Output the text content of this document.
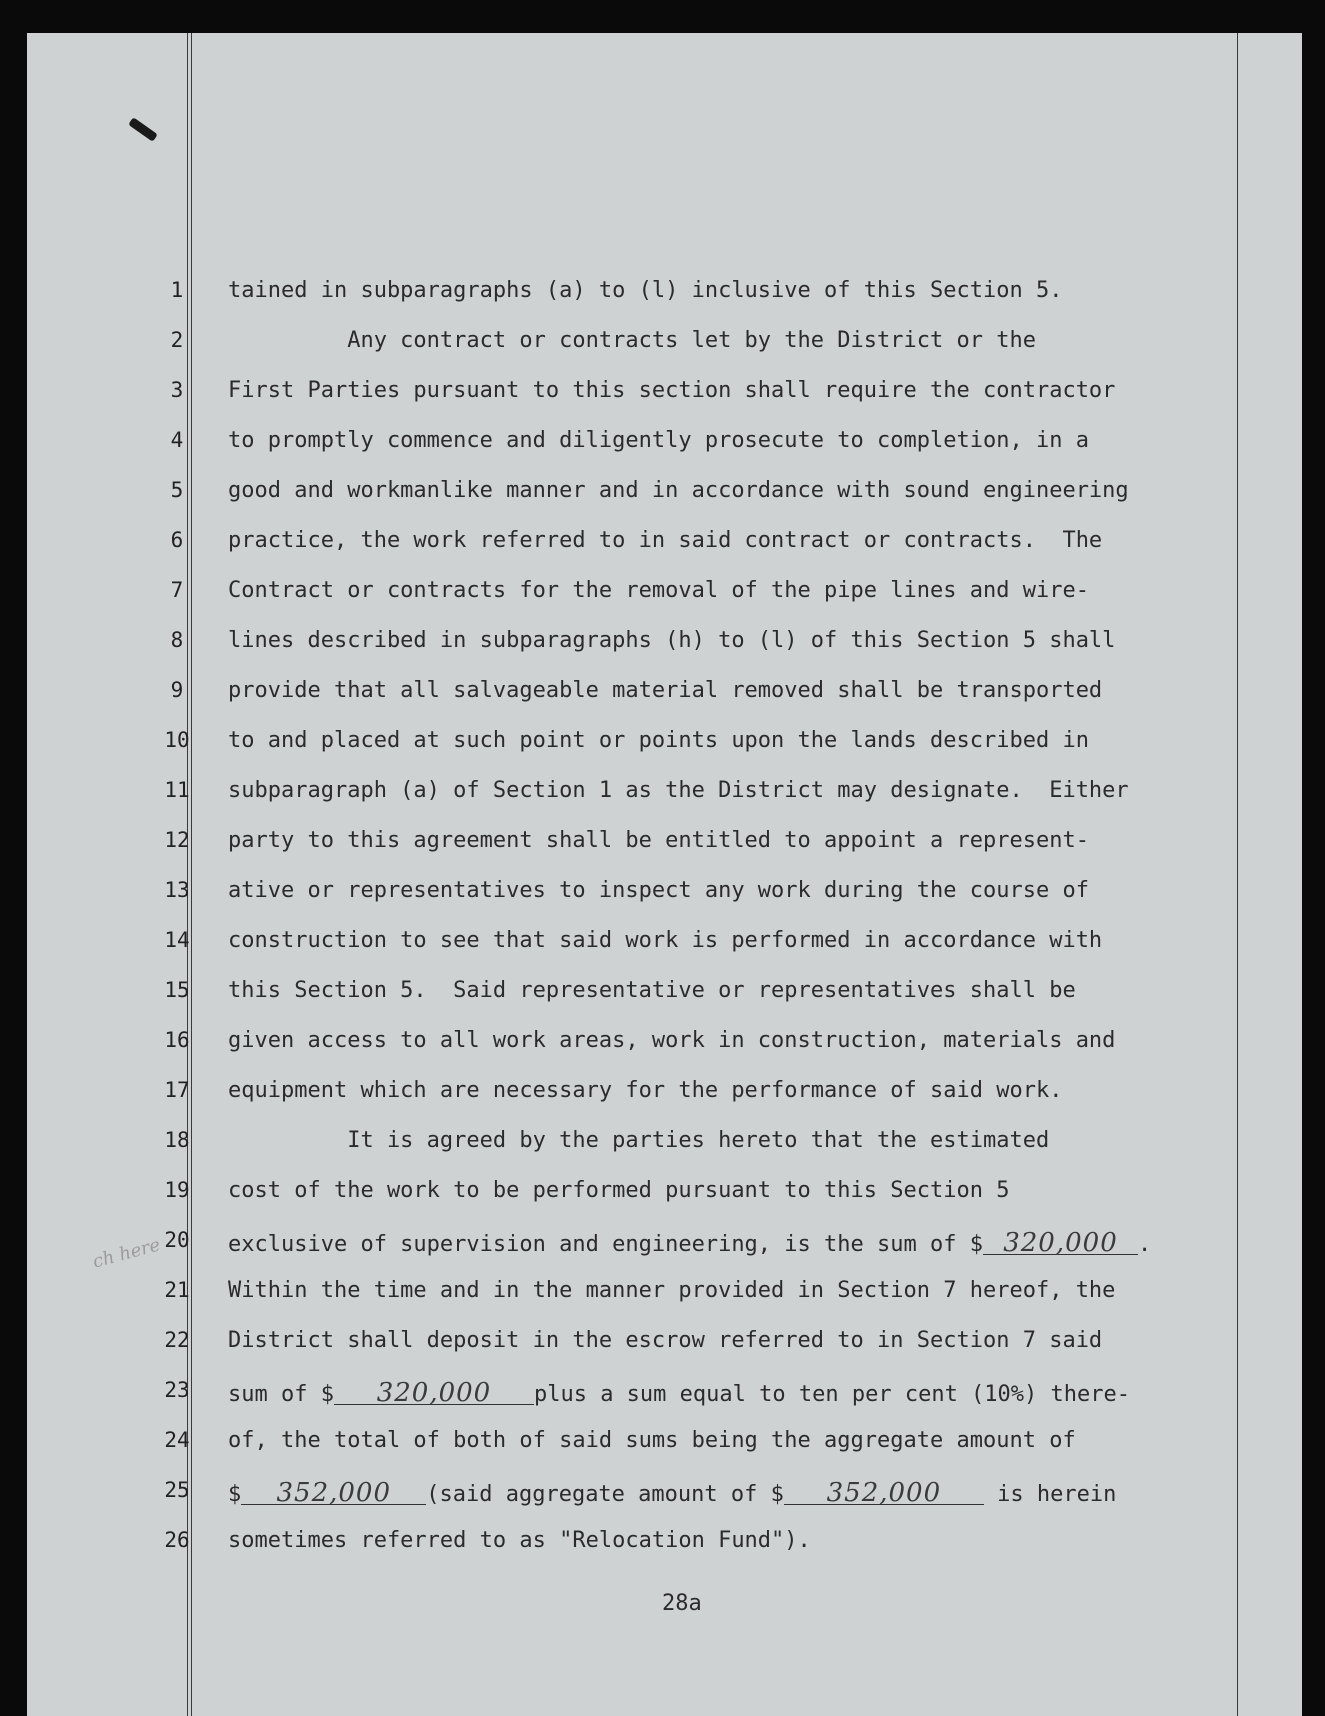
1
2
3
4
5
6
7
8
9
10
11
12
13
14
15
16
17
18
19
20
21
22
23
24
25
26
tained in subparagraphs (a) to (l) inclusive of this Section 5.
Any contract or contracts let by the District or the
First Parties pursuant to this section shall require the contractor
to promptly commence and diligently prosecute to completion, in a
good and workmanlike manner and in accordance with sound engineering
practice, the work referred to in said contract or contracts.  The
Contract or contracts for the removal of the pipe lines and wire-
lines described in subparagraphs (h) to (l) of this Section 5 shall
provide that all salvageable material removed shall be transported
to and placed at such point or points upon the lands described in
subparagraph (a) of Section 1 as the District may designate.  Either
party to this agreement shall be entitled to appoint a represent-
ative or representatives to inspect any work during the course of
construction to see that said work is performed in accordance with
this Section 5.  Said representative or representatives shall be
given access to all work areas, work in construction, materials and
equipment which are necessary for the performance of said work.
It is agreed by the parties hereto that the estimated
cost of the work to be performed pursuant to this Section 5
exclusive of supervision and engineering, is the sum of $ 320,000 .
Within the time and in the manner provided in Section 7 hereof, the
District shall deposit in the escrow referred to in Section 7 said
sum of $ 320,000 plus a sum equal to ten per cent (10%) there-
of, the total of both of said sums being the aggregate amount of
$ 352,000 (said aggregate amount of $ 352,000 is herein
sometimes referred to as "Relocation Fund").
ch here
28a
